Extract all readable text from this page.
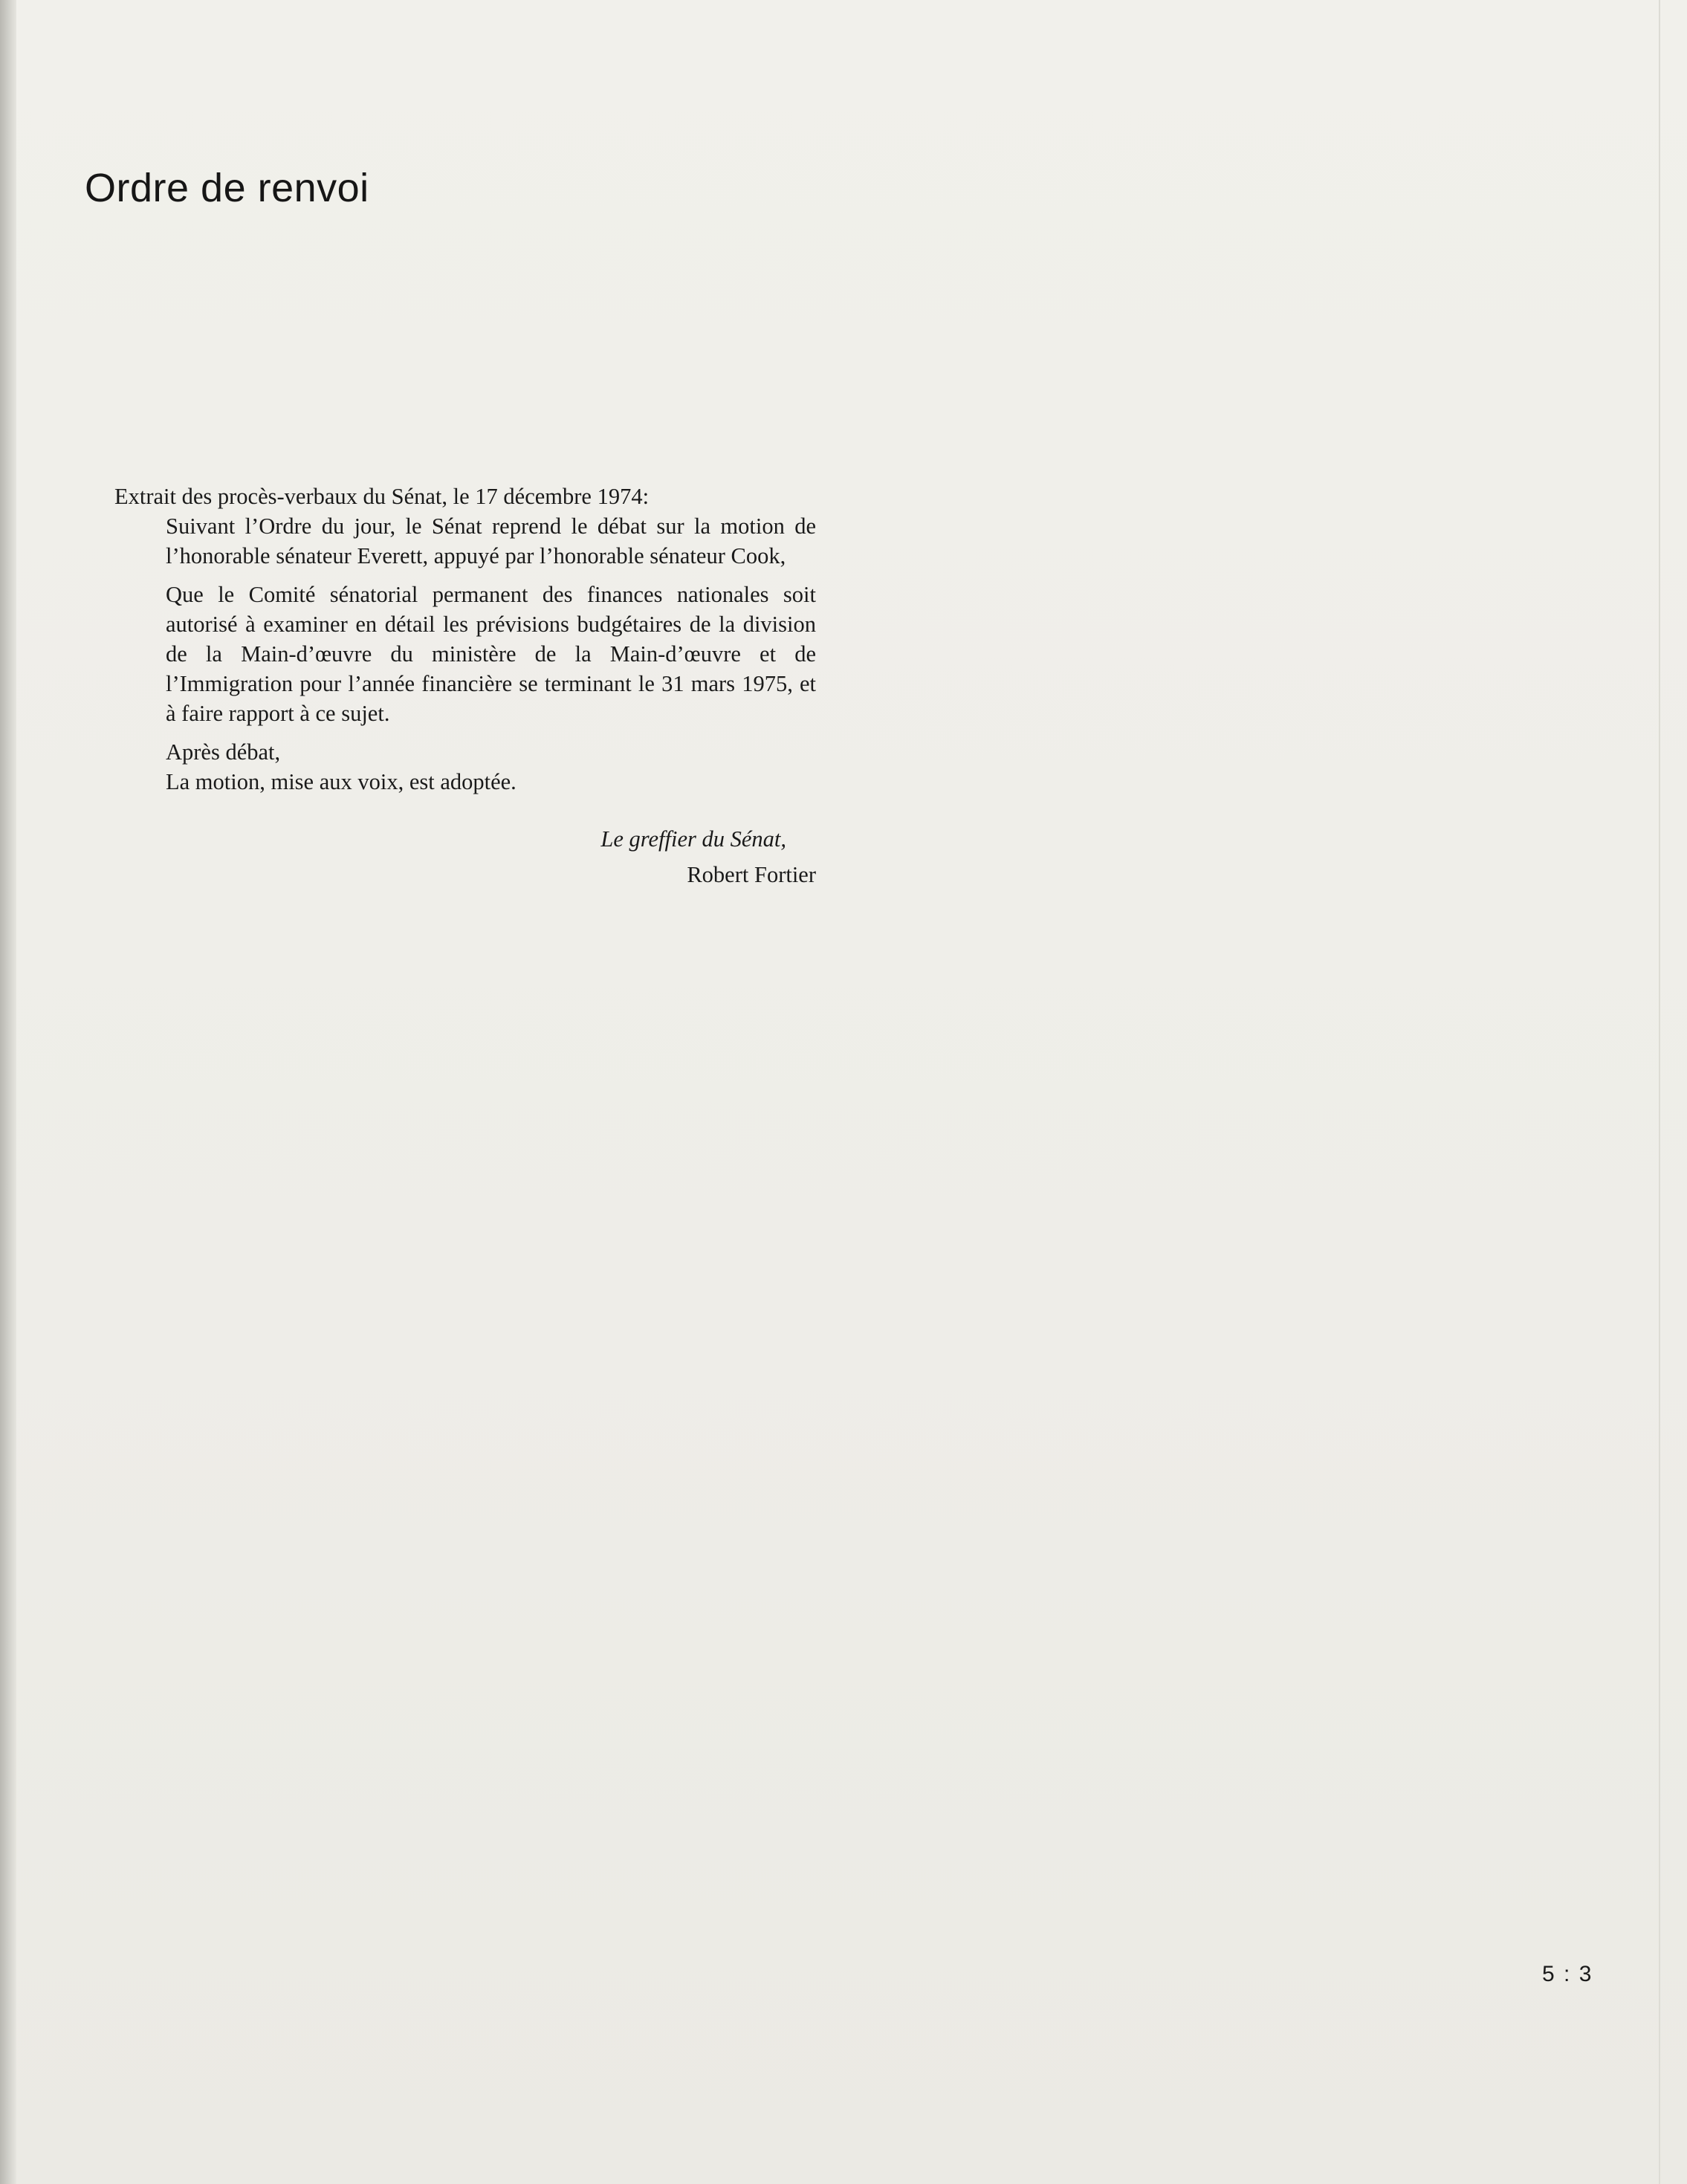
Ordre de renvoi

Extrait des procès-verbaux du Sénat, le 17 décembre 1974:

Suivant l’Ordre du jour, le Sénat reprend le débat sur la motion de l’honorable sénateur Everett, appuyé par l’honorable sénateur Cook,

Que le Comité sénatorial permanent des finances nationales soit autorisé à examiner en détail les prévisions budgétaires de la division de la Main-d’œuvre du ministère de la Main-d’œuvre et de l’Immigration pour l’année financière se terminant le 31 mars 1975, et à faire rapport à ce sujet.

Après débat,

La motion, mise aux voix, est adoptée.

Le greffier du Sénat,
Robert Fortier
5 : 3
